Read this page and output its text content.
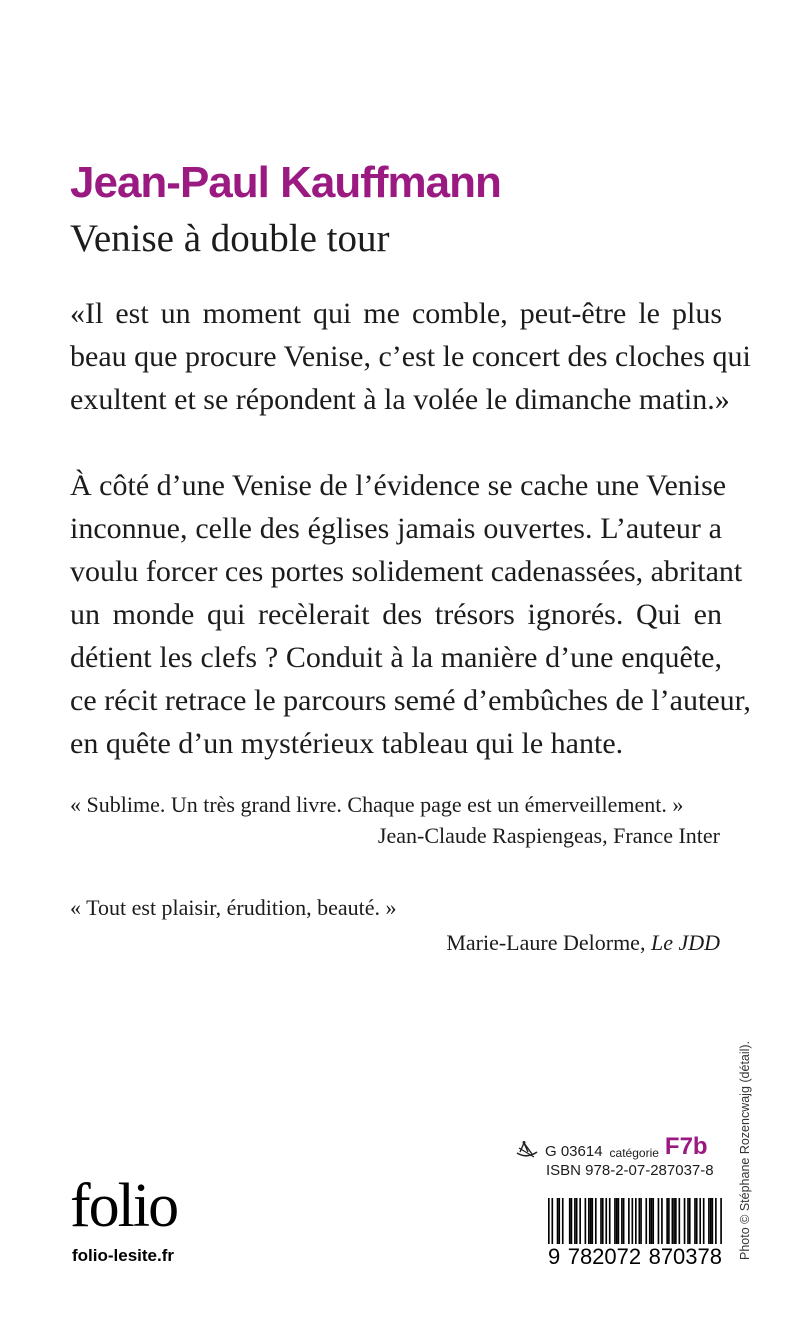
Jean-Paul Kauffmann
Venise à double tour

«Il est un moment qui me comble, peut-être le plus
beau que procure Venise, c’est le concert des cloches qui
exultent et se répondent à la volée le dimanche matin.»

À côté d’une Venise de l’évidence se cache une Venise
inconnue, celle des églises jamais ouvertes. L’auteur a
voulu forcer ces portes solidement cadenassées, abritant
un monde qui recèlerait des trésors ignorés. Qui en
détient les clefs ? Conduit à la manière d’une enquête,
ce récit retrace le parcours semé d’embûches de l’auteur,
en quête d’un mystérieux tableau qui le hante.

« Sublime. Un très grand livre. Chaque page est un émerveillement. »
Jean-Claude Raspiengeas, France Inter
« Tout est plaisir, érudition, beauté. »
Marie-Laure Delorme, Le JDD
Photo © Stéphane Rozencwajg (détail).
folio
folio-lesite.fr
G 03614 catégorie F7b
ISBN 978-2-07-287037-8
9 782072 870378
